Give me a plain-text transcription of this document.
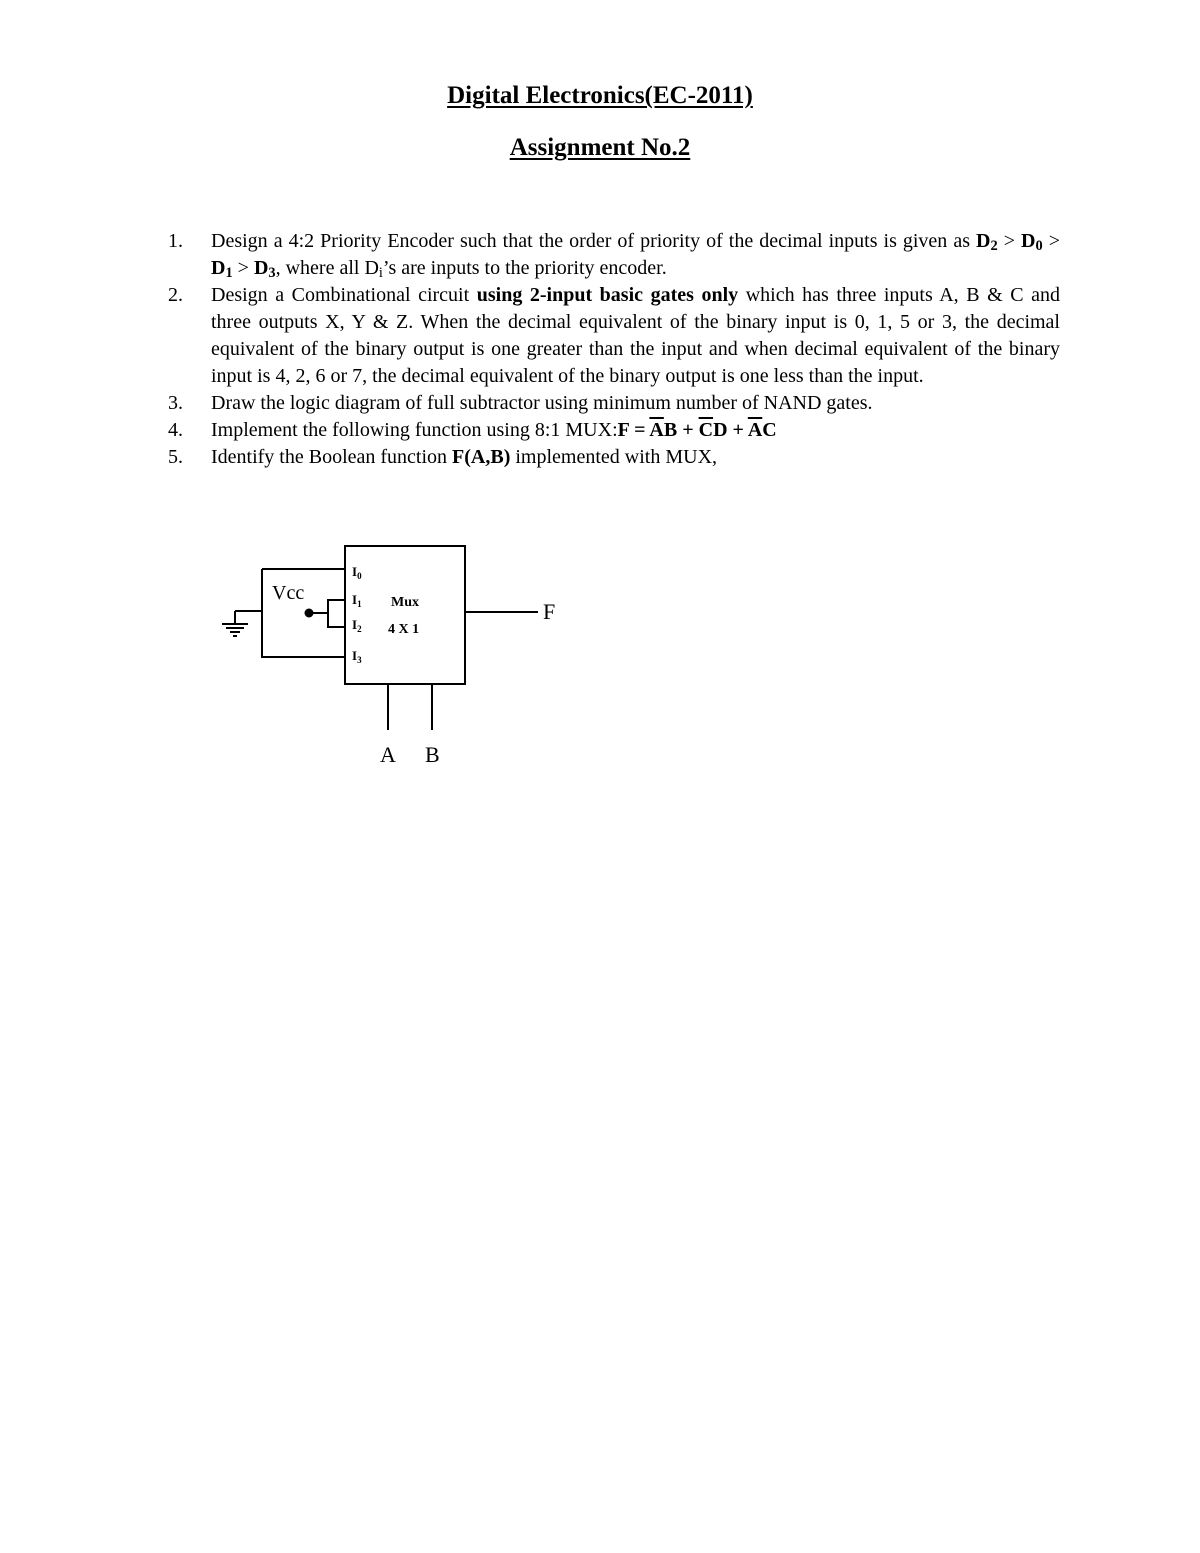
Digital Electronics(EC-2011)
Assignment No.2
1. Design a 4:2 Priority Encoder such that the order of priority of the decimal inputs is given as $D_2 > D_0 > D_1 > D_3$, where all $D_i’s$ are inputs to the priority encoder.
2. Design a Combinational circuit using 2-input basic gates only which has three inputs A, B & C and three outputs X, Y & Z. When the decimal equivalent of the binary input is 0, 1, 5 or 3, the decimal equivalent of the binary output is one greater than the input and when decimal equivalent of the binary input is 4, 2, 6 or 7, the decimal equivalent of the binary output is one less than the input.
3. Draw the logic diagram of full subtractor using minimum number of NAND gates.
4. Implement the following function using 8:1 MUX:F = $\overline{A}B + \overline{C}D + \overline{A}C$
5. Identify the Boolean function F(A,B) implemented with MUX,
Vcc
$I_0$
$I_1$
$I_2$
$I_3$
Mux
4 X 1
F
A B
